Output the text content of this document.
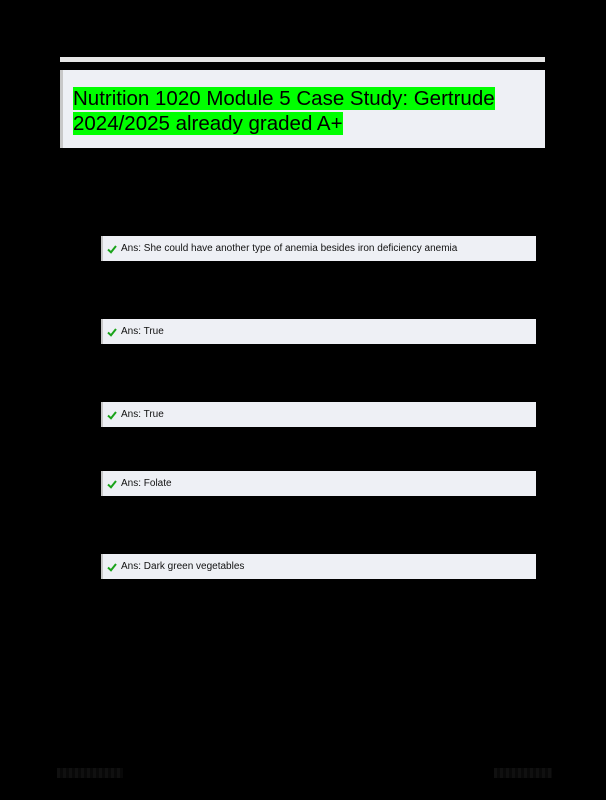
Nutrition 1020 Module 5 Case Study: Gertrude
2024/2025 already graded A+
Ans: She could have another type of anemia besides iron deficiency anemia
Ans: True
Ans: True
Ans: Folate
Ans: Dark green vegetables
